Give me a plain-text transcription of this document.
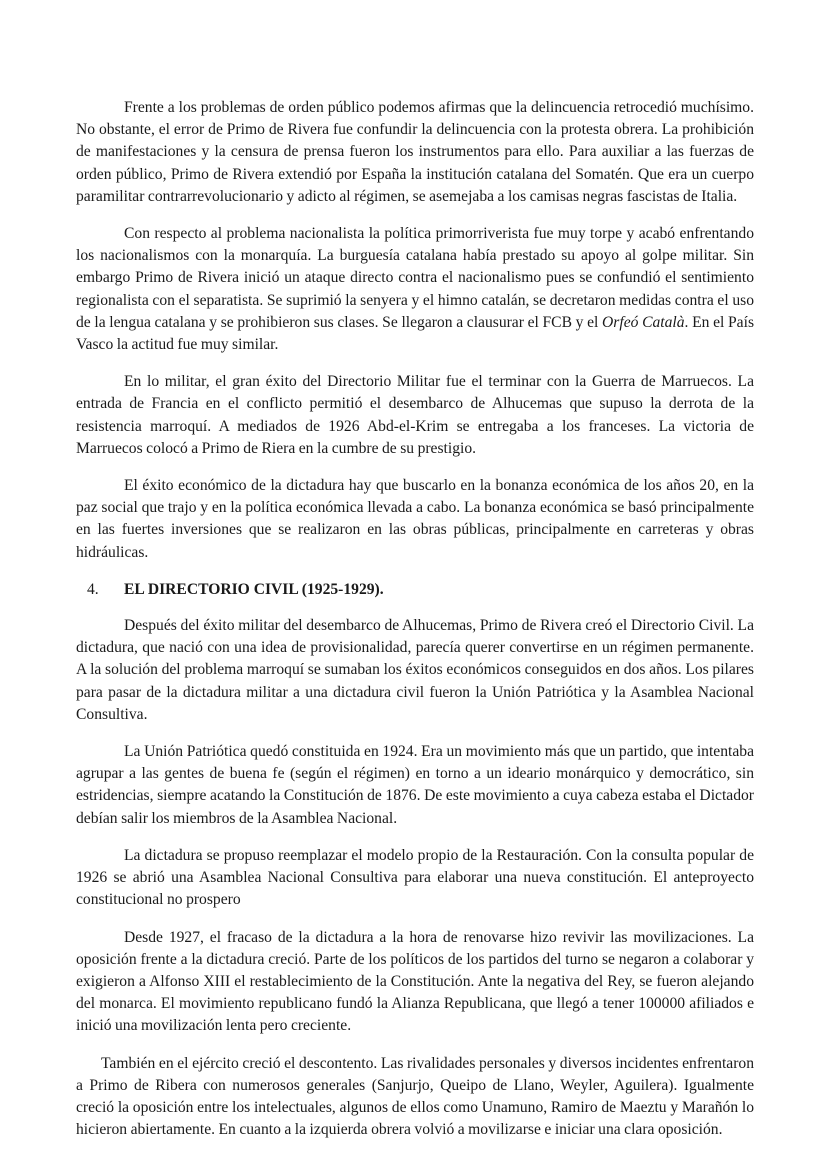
Frente a los problemas de orden público podemos afirmas que la delincuencia retrocedió muchísimo. No obstante, el error de Primo de Rivera fue confundir la delincuencia con la protesta obrera. La prohibición de manifestaciones y la censura de prensa fueron los instrumentos para ello. Para auxiliar a las fuerzas de orden público, Primo de Rivera extendió por España la institución catalana del Somatén. Que era un cuerpo paramilitar contrarrevolucionario y adicto al régimen, se asemejaba a los camisas negras fascistas de Italia.

Con respecto al problema nacionalista la política primorriverista fue muy torpe y acabó enfrentando los nacionalismos con la monarquía. La burguesía catalana había prestado su apoyo al golpe militar. Sin embargo Primo de Rivera inició un ataque directo contra el nacionalismo pues se confundió el sentimiento regionalista con el separatista. Se suprimió la senyera y el himno catalán, se decretaron medidas contra el uso de la lengua catalana y se prohibieron sus clases. Se llegaron a clausurar el FCB y el Orfeó Català. En el País Vasco la actitud fue muy similar.

En lo militar, el gran éxito del Directorio Militar fue el terminar con la Guerra de Marruecos. La entrada de Francia en el conflicto permitió el desembarco de Alhucemas que supuso la derrota de la resistencia marroquí. A mediados de 1926 Abd-el-Krim se entregaba a los franceses. La victoria de Marruecos colocó a Primo de Riera en la cumbre de su prestigio.

El éxito económico de la dictadura hay que buscarlo en la bonanza económica de los años 20, en la paz social que trajo y en la política económica llevada a cabo. La bonanza económica se basó principalmente en las fuertes inversiones que se realizaron en las obras públicas, principalmente en carreteras y obras hidráulicas.

4.	EL DIRECTORIO CIVIL (1925-1929).

Después del éxito militar del desembarco de Alhucemas, Primo de Rivera creó el Directorio Civil. La dictadura, que nació con una idea de provisionalidad, parecía querer convertirse en un régimen permanente. A la solución del problema marroquí se sumaban los éxitos económicos conseguidos en dos años. Los pilares para pasar de la dictadura militar a una dictadura civil fueron la Unión Patriótica y la Asamblea Nacional Consultiva.

La Unión Patriótica quedó constituida en 1924. Era un movimiento más que un partido, que intentaba agrupar a las gentes de buena fe (según el régimen) en torno a un ideario monárquico y democrático, sin estridencias, siempre acatando la Constitución de 1876. De este movimiento a cuya cabeza estaba el Dictador debían salir los miembros de la Asamblea Nacional.

La dictadura se propuso reemplazar el modelo propio de la Restauración. Con la consulta popular de 1926 se abrió una Asamblea Nacional Consultiva para elaborar una nueva constitución. El anteproyecto constitucional no prospero

Desde 1927, el fracaso de la dictadura a la hora de renovarse hizo revivir las movilizaciones. La oposición frente a la dictadura creció. Parte de los políticos de los partidos del turno se negaron a colaborar y exigieron a Alfonso XIII el restablecimiento de la Constitución. Ante la negativa del Rey, se fueron alejando del monarca. El movimiento republicano fundó la Alianza Republicana, que llegó a tener 100000 afiliados e inició una movilización lenta pero creciente.

También en el ejército creció el descontento. Las rivalidades personales y diversos incidentes enfrentaron a Primo de Ribera con numerosos generales (Sanjurjo, Queipo de Llano, Weyler, Aguilera). Igualmente creció la oposición entre los intelectuales, algunos de ellos como Unamuno, Ramiro de Maeztu y Marañón lo hicieron abiertamente. En cuanto a la izquierda obrera volvió a movilizarse e iniciar una clara oposición.
